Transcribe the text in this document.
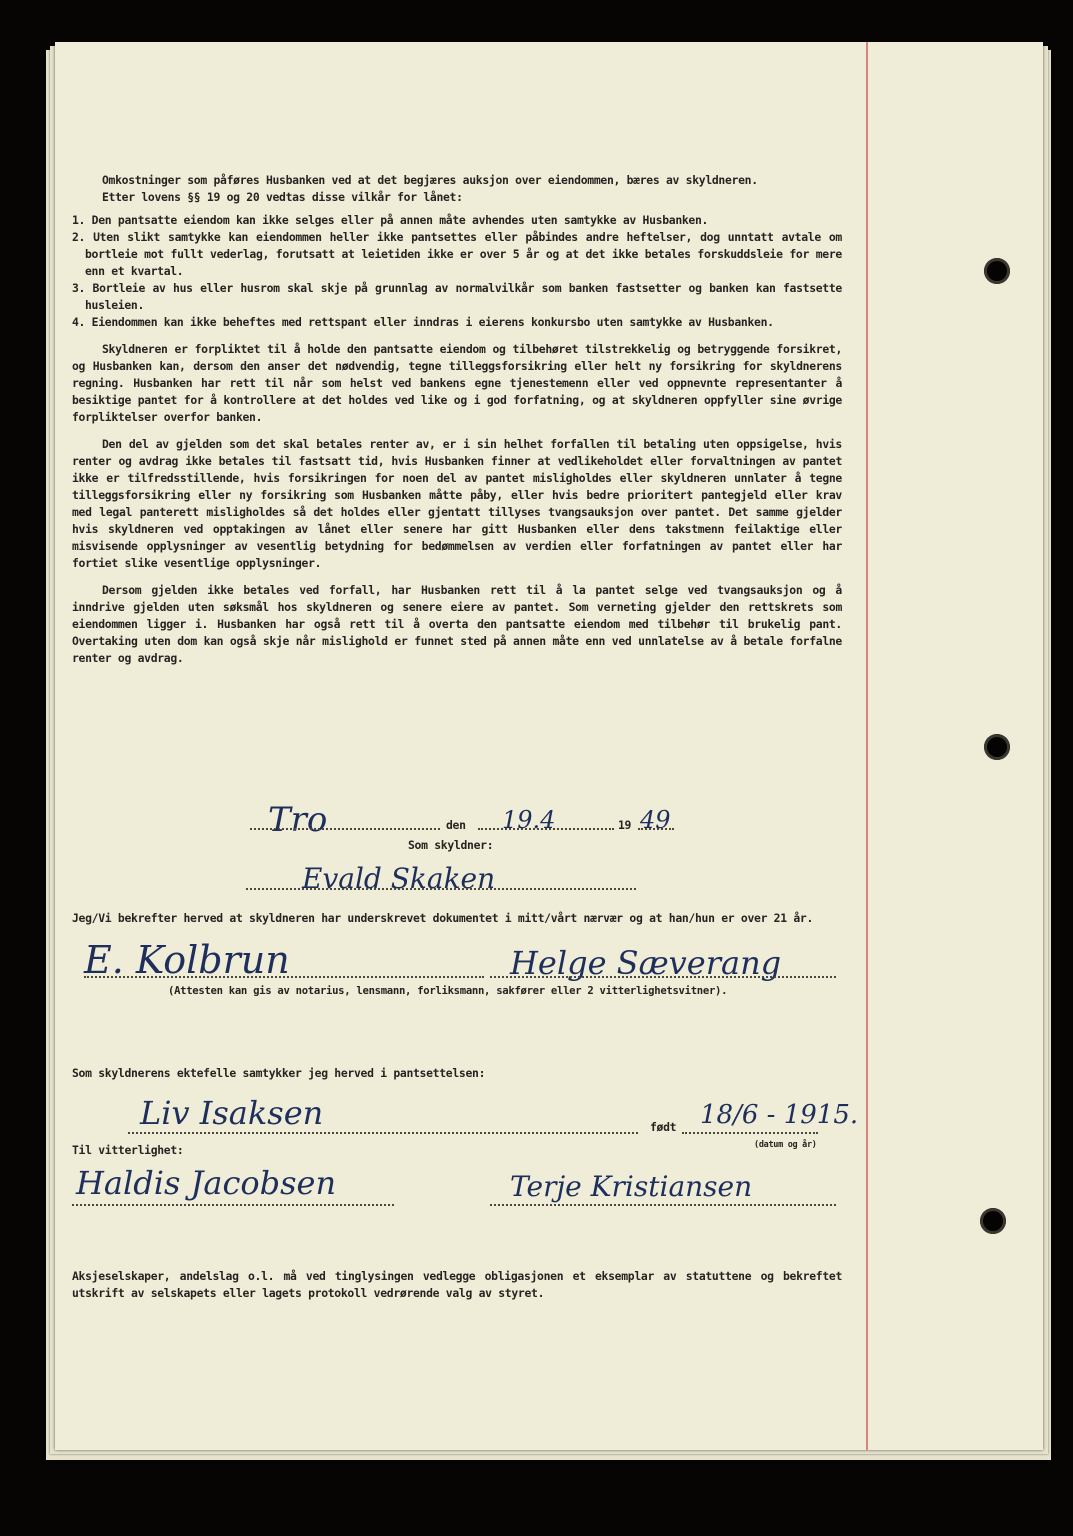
Omkostninger som påføres Husbanken ved at det begjæres auksjon over eiendommen, bæres av skyldneren.

Etter lovens §§ 19 og 20 vedtas disse vilkår for lånet:

1. Den pantsatte eiendom kan ikke selges eller på annen måte avhendes uten samtykke av Husbanken.
2. Uten slikt samtykke kan eiendommen heller ikke pantsettes eller påbindes andre heftelser, dog unntatt avtale om bortleie mot fullt vederlag, forutsatt at leietiden ikke er over 5 år og at det ikke betales forskuddsleie for mere enn et kvartal.
3. Bortleie av hus eller husrom skal skje på grunnlag av normalvilkår som banken fastsetter og banken kan fastsette husleien.
4. Eiendommen kan ikke beheftes med rettspant eller inndras i eierens konkursbo uten samtykke av Husbanken.

Skyldneren er forpliktet til å holde den pantsatte eiendom og tilbehøret tilstrekkelig og betryggende forsikret, og Husbanken kan, dersom den anser det nødvendig, tegne tilleggsforsikring eller helt ny forsikring for skyldnerens regning. Husbanken har rett til når som helst ved bankens egne tjenestemenn eller ved oppnevnte representanter å besiktige pantet for å kontrollere at det holdes ved like og i god forfatning, og at skyldneren oppfyller sine øvrige forpliktelser overfor banken.

Den del av gjelden som det skal betales renter av, er i sin helhet forfallen til betaling uten oppsigelse, hvis renter og avdrag ikke betales til fastsatt tid, hvis Husbanken finner at vedlikeholdet eller forvaltningen av pantet ikke er tilfredsstillende, hvis forsikringen for noen del av pantet misligholdes eller skyldneren unnlater å tegne tilleggsforsikring eller ny forsikring som Husbanken måtte påby, eller hvis bedre prioritert pantegjeld eller krav med legal panterett misligholdes så det holdes eller gjentatt tillyses tvangsauksjon over pantet. Det samme gjelder hvis skyldneren ved opptakingen av lånet eller senere har gitt Husbanken eller dens takstmenn feilaktige eller misvisende opplysninger av vesentlig betydning for bedømmelsen av verdien eller forfatningen av pantet eller har fortiet slike vesentlige opplysninger.

Dersom gjelden ikke betales ved forfall, har Husbanken rett til å la pantet selge ved tvangsauksjon og å inndrive gjelden uten søksmål hos skyldneren og senere eiere av pantet. Som verneting gjelder den rettskrets som eiendommen ligger i. Husbanken har også rett til å overta den pantsatte eiendom med tilbehør til brukelig pant. Overtaking uten dom kan også skje når mislighold er funnet sted på annen måte enn ved unnlatelse av å betale forfalne renter og avdrag.

Tro	den 19.4	19 49
Som skyldner:
Evald Skaken
Jeg/Vi bekrefter herved at skyldneren har underskrevet dokumentet i mitt/vårt nærvær og at han/hun er over 21 år.
E. Kolbrun	Helge Sæverang
(Attesten kan gis av notarius, lensmann, forliksmann, sakfører eller 2 vitterlighetsvitner).
Som skyldnerens ektefelle samtykker jeg herved i pantsettelsen:
Liv Isaksen	født 18/6 - 1915.
(datum og år)
Til vitterlighet:
Haldis Jacobsen	Terje Kristiansen
Aksjeselskaper, andelslag o.l. må ved tinglysingen vedlegge obligasjonen et eksemplar av statuttene og bekreftet utskrift av selskapets eller lagets protokoll vedrørende valg av styret.
